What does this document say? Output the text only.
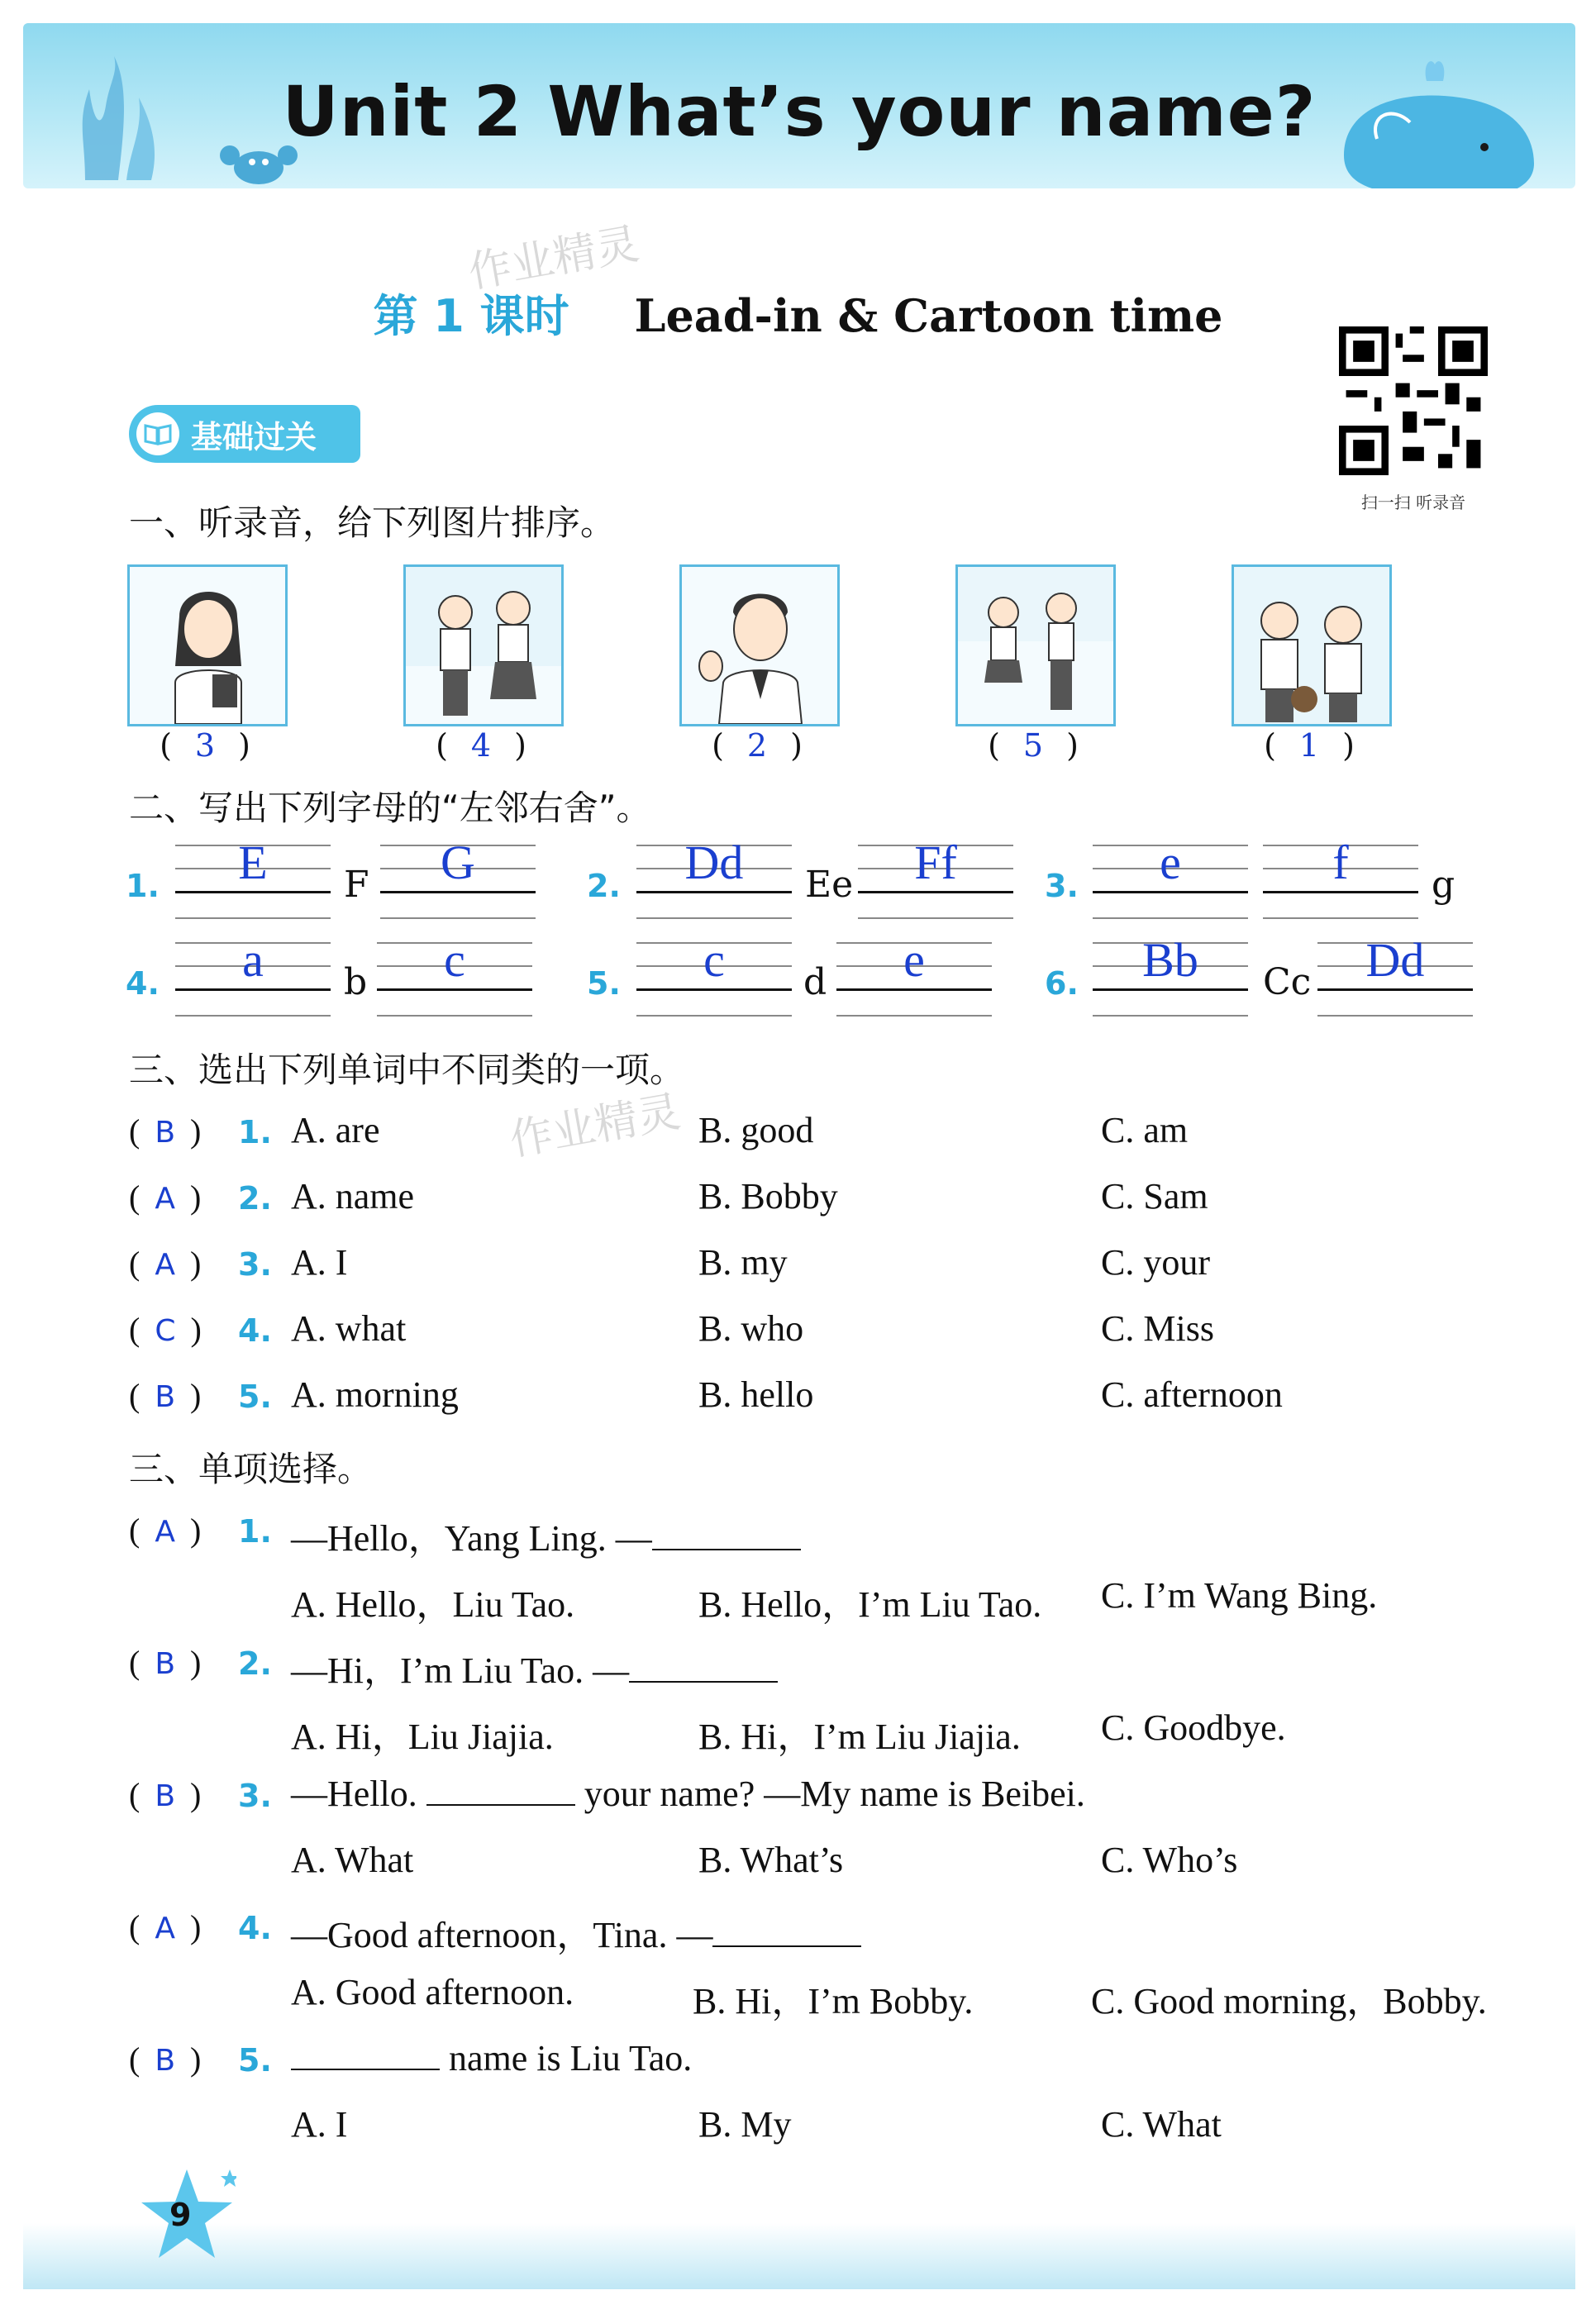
Unit 2 What’s your name?
作业精灵
作业精灵
第 1 课时 Lead-in & Cartoon time
扫一扫 听录音
基础过关
一、听录音，给下列图片排序。
( 3 )	( 4 )	( 2 )	( 5 )	( 1 )
二、写出下列字母的“左邻右舍”。
1.	E	F	G	2.	Dd	Ee	Ff	3.	e	f	g
4.	a	b	c	5.	c	d	e	6.	Bb	Cc	Dd
三、选出下列单词中不同类的一项。
( B ) 1. A. are	B. good	C. am
( A ) 2. A. name	B. Bobby	C. Sam
( A ) 3. A. I	B. my	C. your
( C ) 4. A. what	B. who	C. Miss
( B ) 5. A. morning	B. hello	C. afternoon
三、单项选择。
( A ) 1. —Hello，Yang Ling. —
A. Hello，Liu Tao.	B. Hello，I’m Liu Tao. C. I’m Wang Bing.
( B ) 2. —Hi，I’m Liu Tao. —
A. Hi，Liu Jiajia.	B. Hi，I’m Liu Jiajia. C. Goodbye.
( B ) 3. —Hello.	your name? —My name is Beibei.
A. What	B. What’s	C. Who’s
( A ) 4. —Good afternoon，Tina. —
A. Good afternoon.	B. Hi，I’m Bobby.	C. Good morning，Bobby.
( B ) 5.	name is Liu Tao.
A. I	B. My	C. What
9
